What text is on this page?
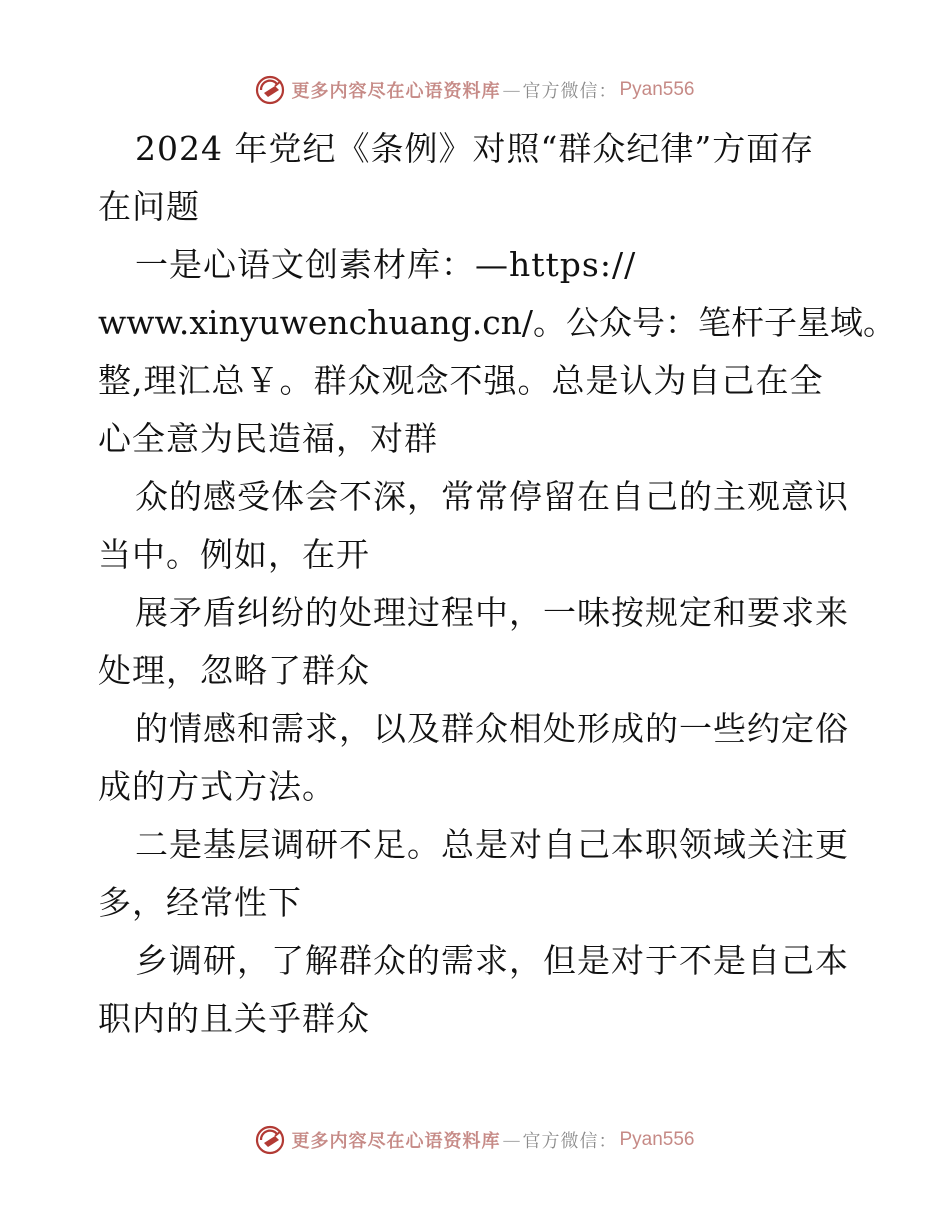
更多内容尽在心语资料库 — 官方微信： Pyan556
2024 年党纪《条例》对照“群众纪律”方面存
在问题
一是心语文创素材库：—https://
www.xinyuwenchuang.cn/。公众号：笔杆子星域。
整,理汇总￥。群众观念不强。总是认为自己在全
心全意为民造福，对群
众的感受体会不深，常常停留在自己的主观意识
当中。例如，在开
展矛盾纠纷的处理过程中，一味按规定和要求来
处理，忽略了群众
的情感和需求，以及群众相处形成的一些约定俗
成的方式方法。
二是基层调研不足。总是对自己本职领域关注更
多，经常性下
乡调研，了解群众的需求，但是对于不是自己本
职内的且关乎群众
更多内容尽在心语资料库 — 官方微信： Pyan556
